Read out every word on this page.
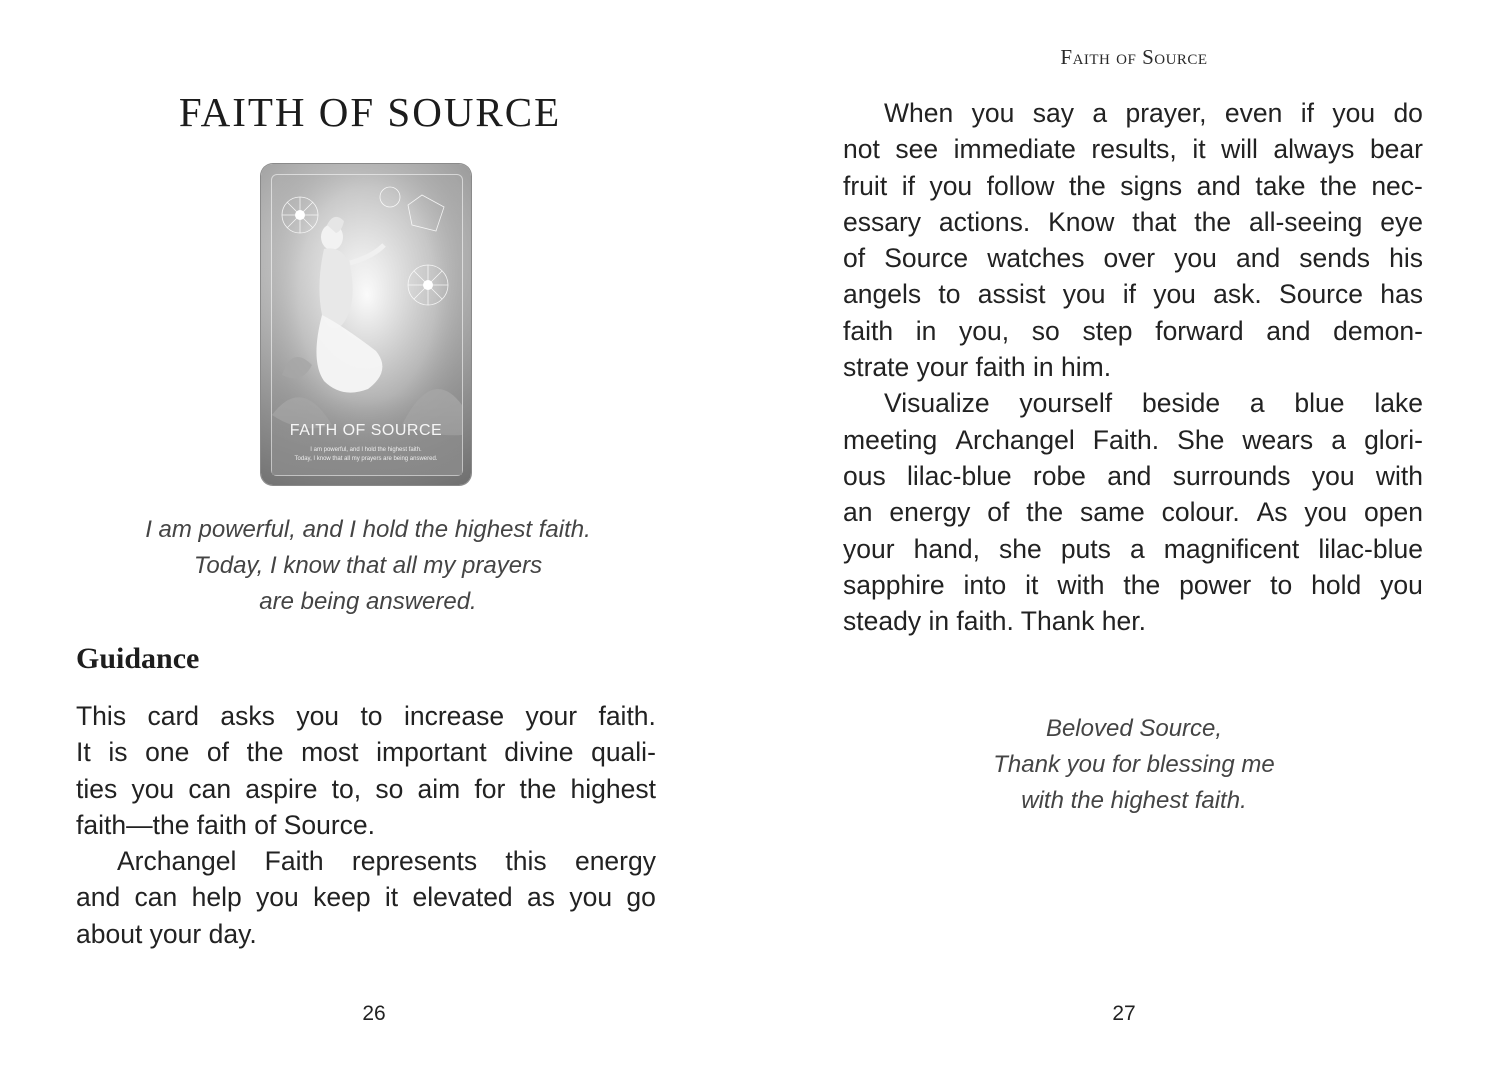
FAITH OF SOURCE
FAITH OF SOURCE
I am powerful, and I hold the highest faith.
Today, I know that all my prayers are being answered.
I am powerful, and I hold the highest faith.
Today, I know that all my prayers
are being answered.
Guidance
This card asks you to increase your faith.
It is one of the most important divine quali-
ties you can aspire to, so aim for the highest
faith—the faith of Source.
Archangel Faith represents this energy
and can help you keep it elevated as you go
about your day.
26
Faith of Source
When you say a prayer, even if you do
not see immediate results, it will always bear
fruit if you follow the signs and take the nec-
essary actions. Know that the all-seeing eye
of Source watches over you and sends his
angels to assist you if you ask. Source has
faith in you, so step forward and demon-
strate your faith in him.
Visualize yourself beside a blue lake
meeting Archangel Faith. She wears a glori-
ous lilac-blue robe and surrounds you with
an energy of the same colour. As you open
your hand, she puts a magnificent lilac-blue
sapphire into it with the power to hold you
steady in faith. Thank her.
Beloved Source,
Thank you for blessing me
with the highest faith.
27
